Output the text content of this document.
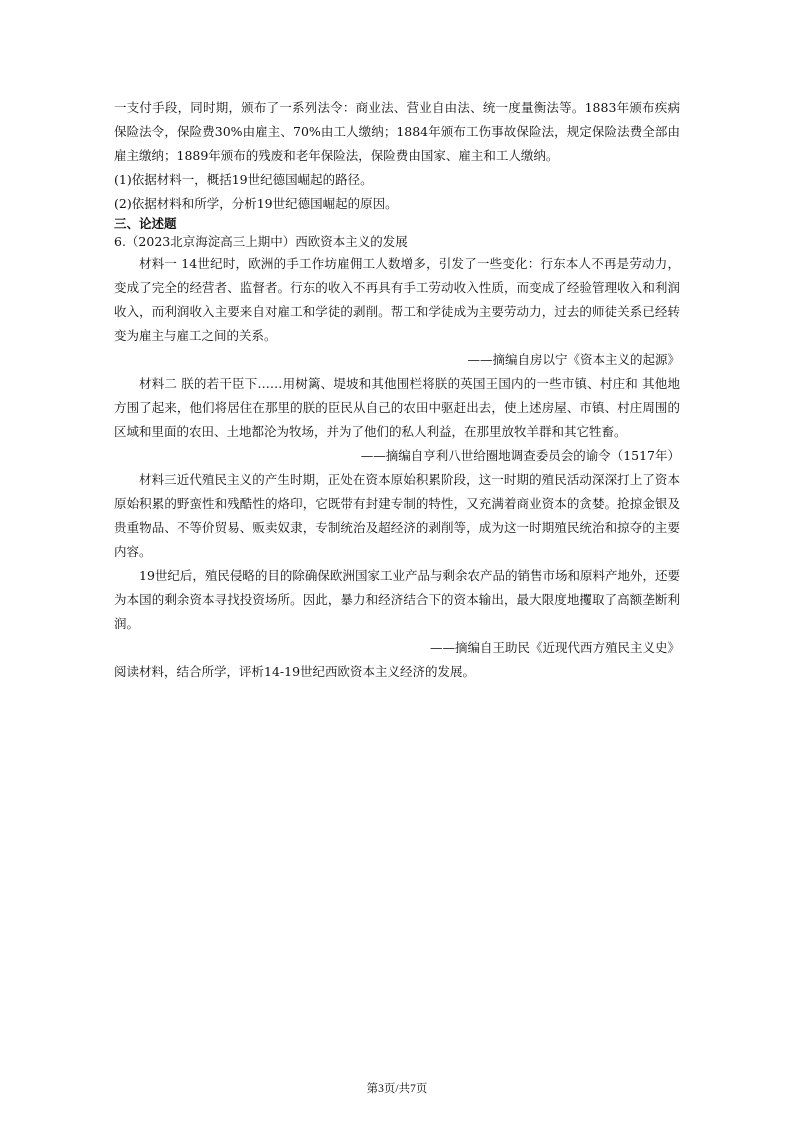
一支付手段，同时期，颁布了一系列法令：商业法、营业自由法、统一度量衡法等。1883年颁布疾病保险法令，保险费30%由雇主、70%由工人缴纳；1884年颁布工伤事故保险法，规定保险法费全部由雇主缴纳；1889年颁布的残废和老年保险法，保险费由国家、雇主和工人缴纳。

(1)依据材料一，概括19世纪德国崛起的路径。

(2)依据材料和所学，分析19世纪德国崛起的原因。

三、论述题

6.（2023北京海淀高三上期中）西欧资本主义的发展

材料一 14世纪时，欧洲的手工作坊雇佣工人数增多，引发了一些变化：行东本人不再是劳动力，变成了完全的经营者、监督者。行东的收入不再具有手工劳动收入性质，而变成了经验管理收入和利润收入，而利润收入主要来自对雇工和学徒的剥削。帮工和学徒成为主要劳动力，过去的师徒关系已经转变为雇主与雇工之间的关系。

——摘编自房以宁《资本主义的起源》

材料二 朕的若干臣下……用树篱、堤坡和其他围栏将朕的英国王国内的一些市镇、村庄和 其他地方围了起来，他们将居住在那里的朕的臣民从自己的农田中驱赶出去，使上述房屋、市镇、村庄周围的区域和里面的农田、土地都沦为牧场，并为了他们的私人利益，在那里放牧羊群和其它牲畜。

——摘编自亨利八世给圈地调查委员会的谕令（1517年）

材料三近代殖民主义的产生时期，正处在资本原始积累阶段，这一时期的殖民活动深深打上了资本原始积累的野蛮性和残酷性的烙印，它既带有封建专制的特性，又充满着商业资本的贪婪。抢掠金银及贵重物品、不等价贸易、贩卖奴隶，专制统治及超经济的剥削等，成为这一时期殖民统治和掠夺的主要内容。

19世纪后，殖民侵略的目的除确保欧洲国家工业产品与剩余农产品的销售市场和原料产地外，还要为本国的剩余资本寻找投资场所。因此，暴力和经济结合下的资本输出，最大限度地攫取了高额垄断利润。

——摘编自王助民《近现代西方殖民主义史》

阅读材料，结合所学，评析14-19世纪西欧资本主义经济的发展。

第3页/共7页
